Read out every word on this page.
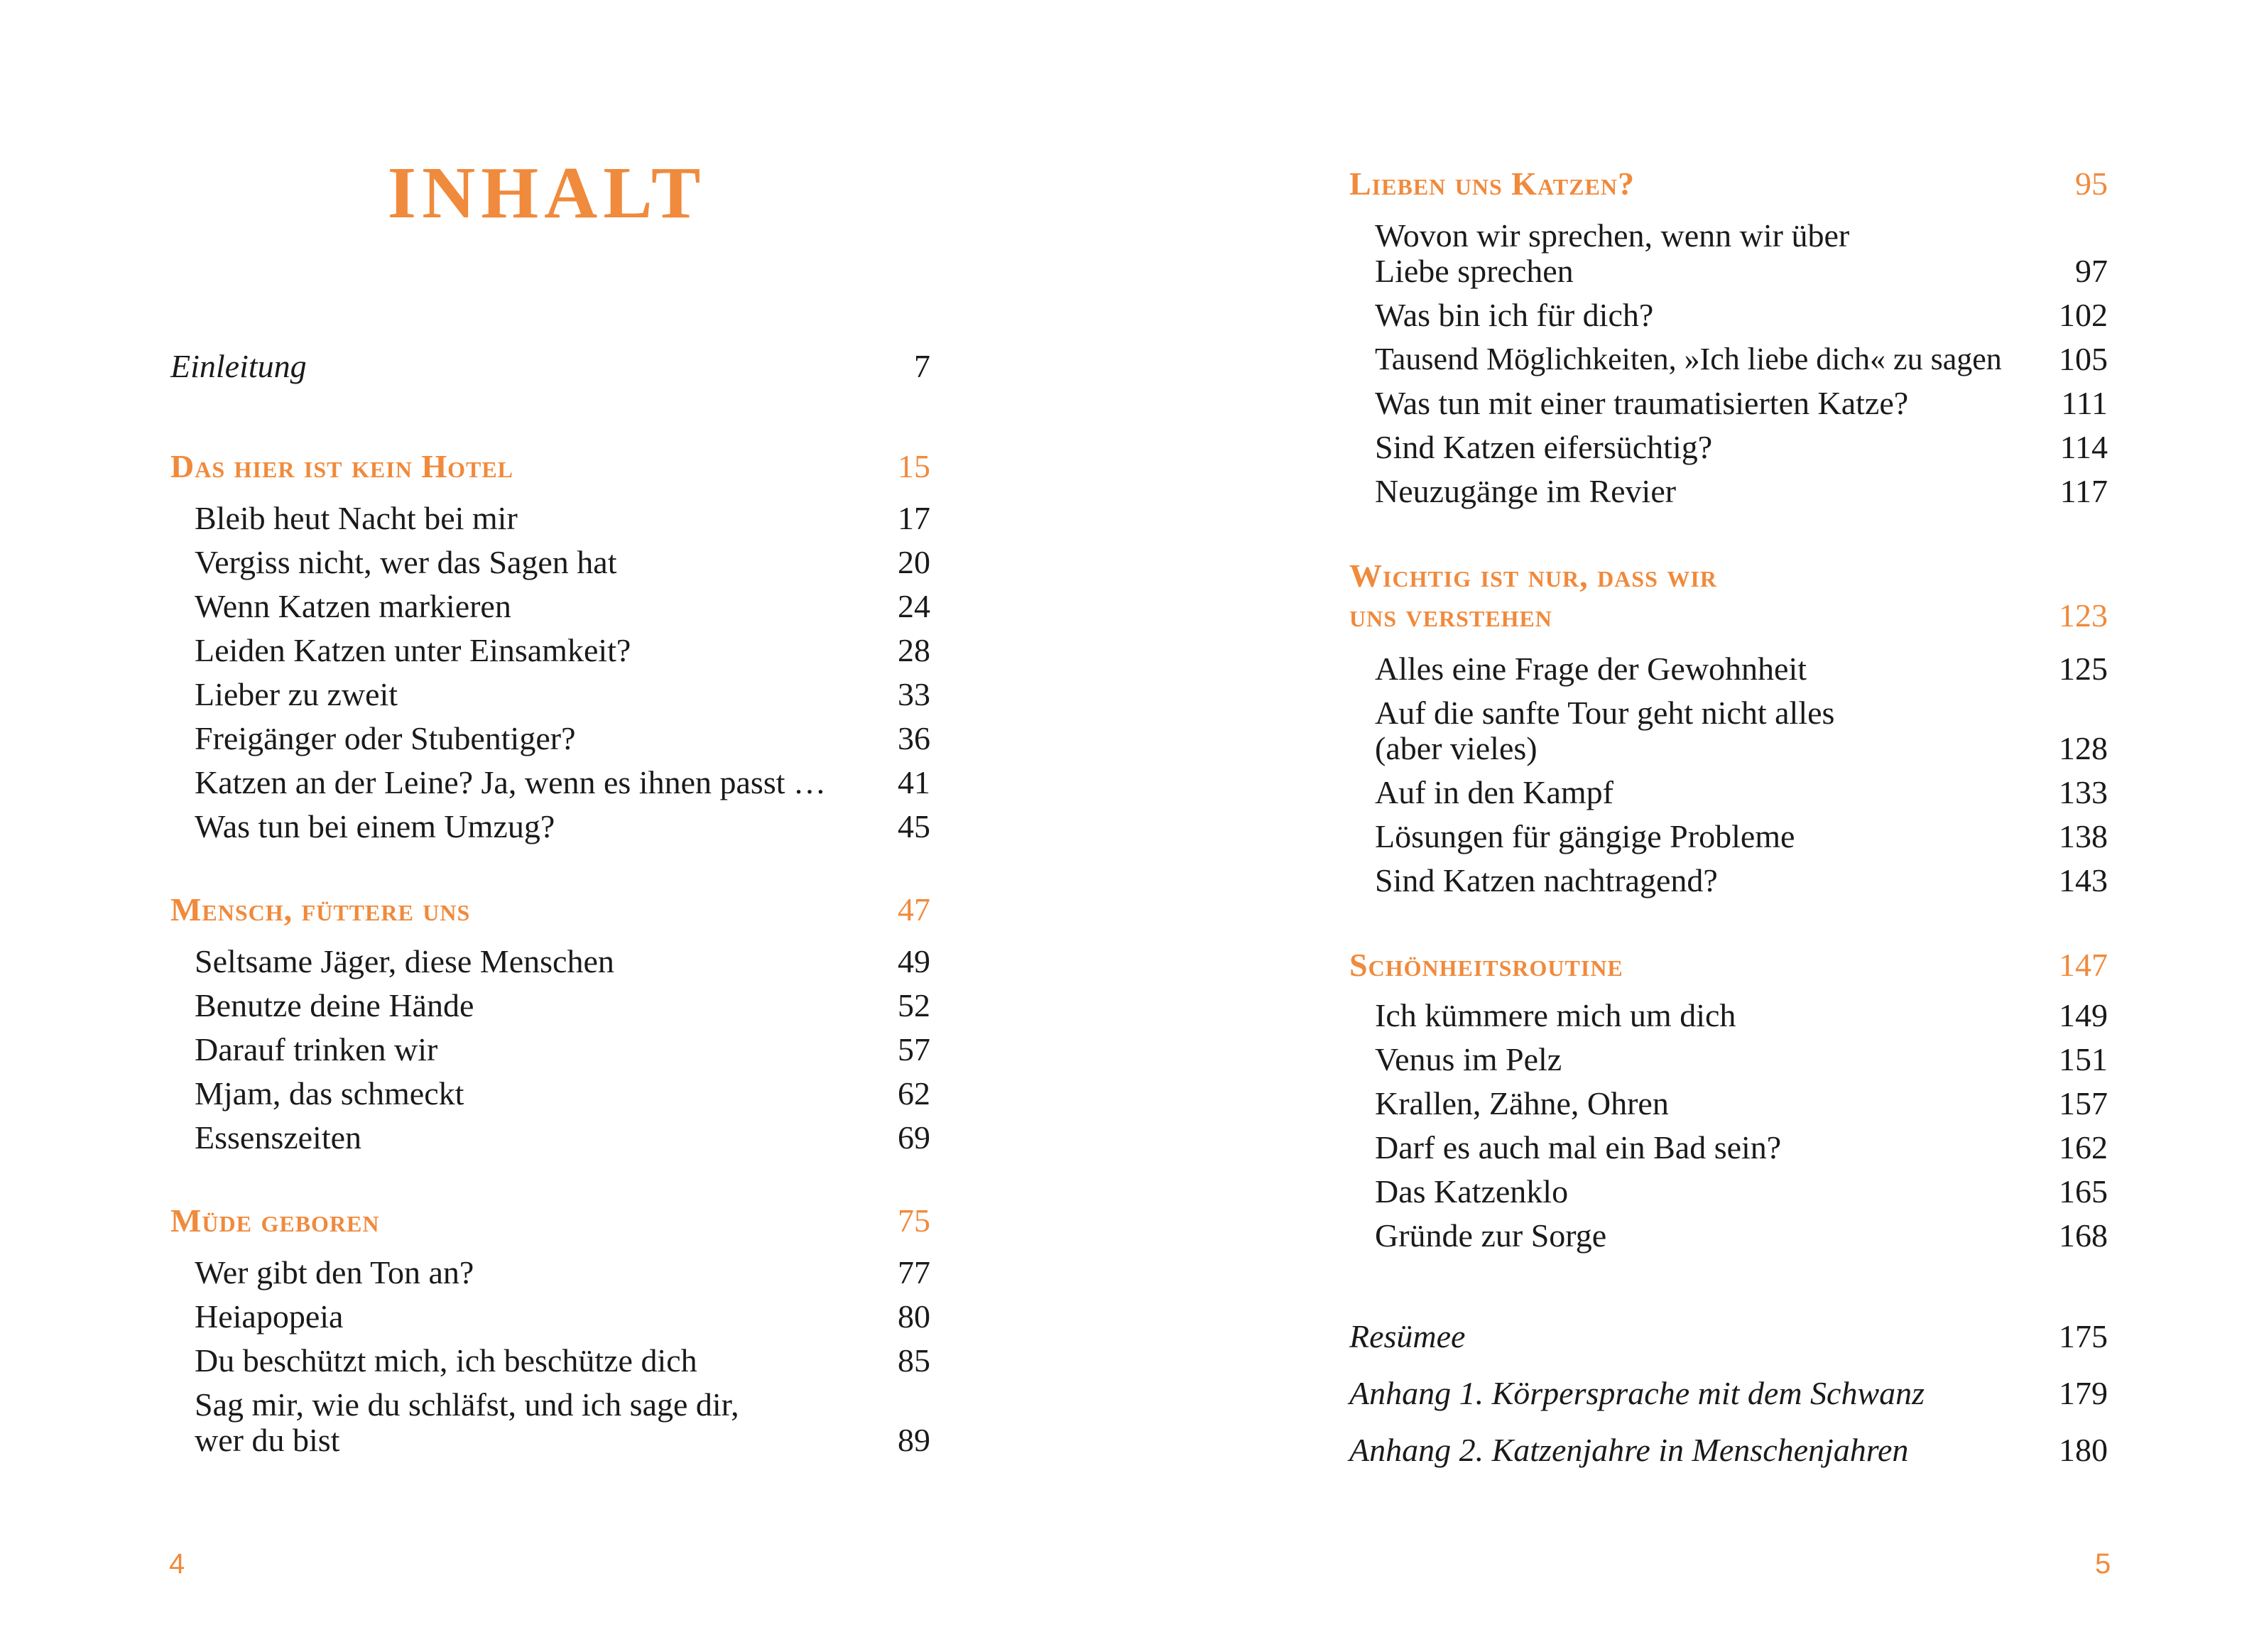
INHALT
Einleitung	7
Das hier ist kein Hotel	15
Bleib heut Nacht bei mir	17
Vergiss nicht, wer das Sagen hat	20
Wenn Katzen markieren	24
Leiden Katzen unter Einsamkeit?	28
Lieber zu zweit	33
Freigänger oder Stubentiger?	36
Katzen an der Leine? Ja, wenn es ihnen passt …	41
Was tun bei einem Umzug?	45
Mensch, füttere uns	47
Seltsame Jäger, diese Menschen	49
Benutze deine Hände	52
Darauf trinken wir	57
Mjam, das schmeckt	62
Essenszeiten	69
Müde geboren	75
Wer gibt den Ton an?	77
Heiapopeia	80
Du beschützt mich, ich beschütze dich	85
Sag mir, wie du schläfst, und ich sage dir,
wer du bist	89
4
Lieben uns Katzen?	95
Wovon wir sprechen, wenn wir über
Liebe sprechen	97
Was bin ich für dich?	102
Tausend Möglichkeiten, »Ich liebe dich« zu sagen	105
Was tun mit einer traumatisierten Katze?	111
Sind Katzen eifersüchtig?	114
Neuzugänge im Revier	117
Wichtig ist nur, dass wir
uns verstehen	123
Alles eine Frage der Gewohnheit	125
Auf die sanfte Tour geht nicht alles
(aber vieles)	128
Auf in den Kampf	133
Lösungen für gängige Probleme	138
Sind Katzen nachtragend?	143
Schönheitsroutine	147
Ich kümmere mich um dich	149
Venus im Pelz	151
Krallen, Zähne, Ohren	157
Darf es auch mal ein Bad sein?	162
Das Katzenklo	165
Gründe zur Sorge	168
Resümee	175
Anhang 1. Körpersprache mit dem Schwanz	179
Anhang 2. Katzenjahre in Menschenjahren	180
5
